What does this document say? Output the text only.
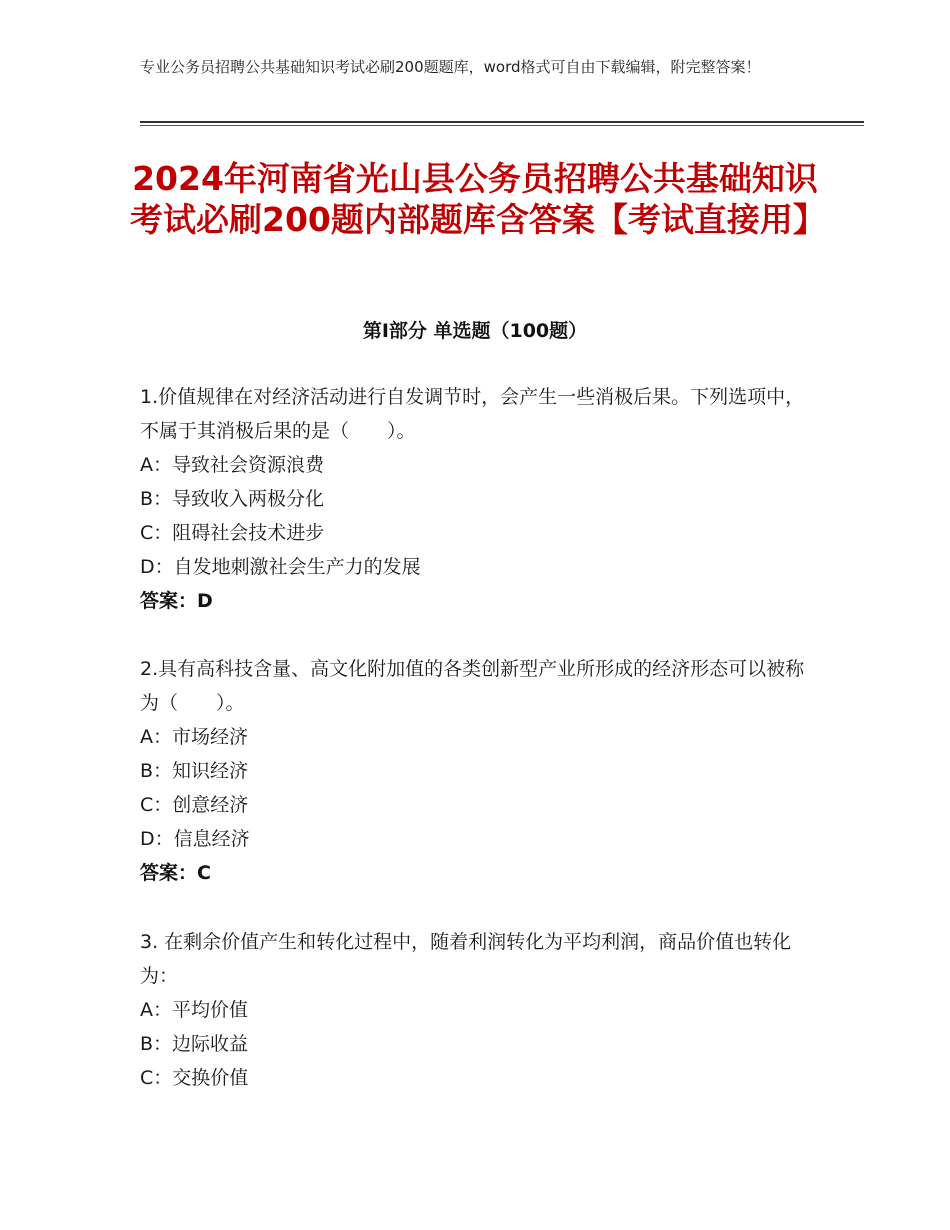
专业公务员招聘公共基础知识考试必刷200题题库，word格式可自由下载编辑，附完整答案！
2024年河南省光山县公务员招聘公共基础知识考试必刷200题内部题库含答案【考试直接用】
第Ⅰ部分 单选题（100题）
1.价值规律在对经济活动进行自发调节时，会产生一些消极后果。下列选项中，不属于其消极后果的是（　　）。
A：导致社会资源浪费
B：导致收入两极分化
C：阻碍社会技术进步
D：自发地刺激社会生产力的发展
答案：D
2.具有高科技含量、高文化附加值的各类创新型产业所形成的经济形态可以被称为（　　）。
A：市场经济
B：知识经济
C：创意经济
D：信息经济
答案：C
3. 在剩余价值产生和转化过程中，随着利润转化为平均利润，商品价值也转化为：
A：平均价值
B：边际收益
C：交换价值
